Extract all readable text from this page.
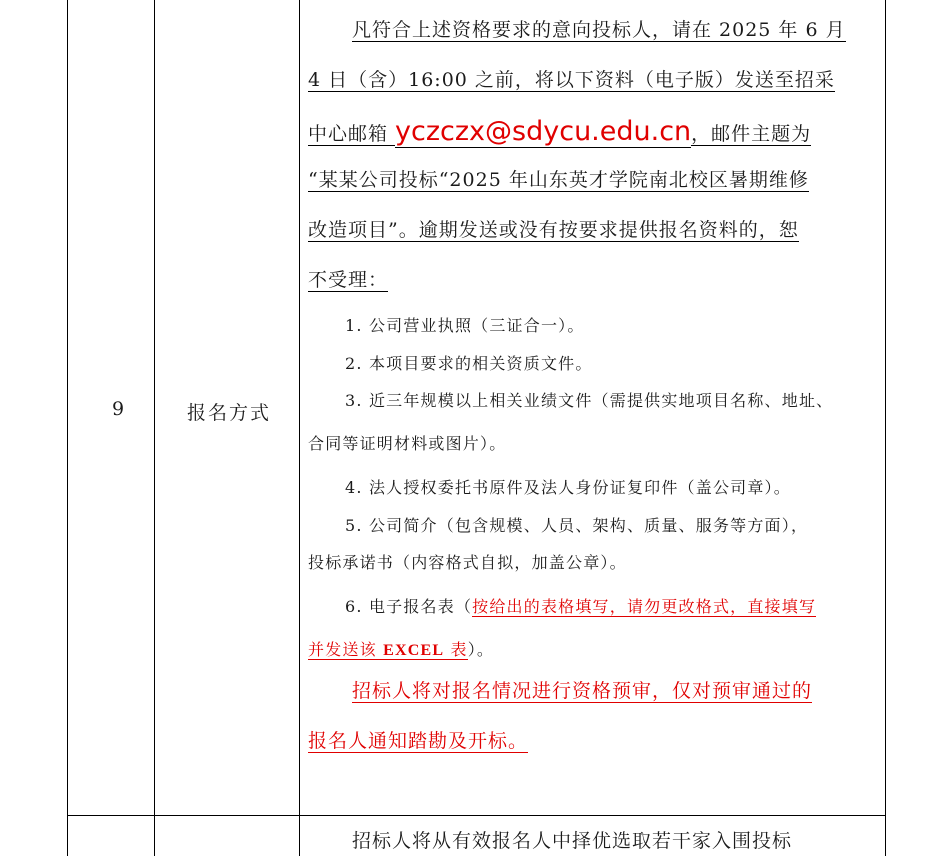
9	报名方式
凡符合上述资格要求的意向投标人，请在 2025 年 6 月
4 日（含）16:00 之前，将以下资料（电子版）发送至招采
中心邮箱 yczczx@sdycu.edu.cn，邮件主题为
“某某公司投标“2025 年山东英才学院南北校区暑期维修
改造项目”。逾期发送或没有按要求提供报名资料的，恕
不受理：
1. 公司营业执照（三证合一）。
2. 本项目要求的相关资质文件。
3. 近三年规模以上相关业绩文件（需提供实地项目名称、地址、
合同等证明材料或图片）。
4. 法人授权委托书原件及法人身份证复印件（盖公司章）。
5. 公司简介（包含规模、人员、架构、质量、服务等方面），
投标承诺书（内容格式自拟，加盖公章）。
6. 电子报名表（按给出的表格填写，请勿更改格式，直接填写
并发送该 EXCEL 表）。
招标人将对报名情况进行资格预审，仅对预审通过的
报名人通知踏勘及开标。
招标人将从有效报名人中择优选取若干家入围投标
